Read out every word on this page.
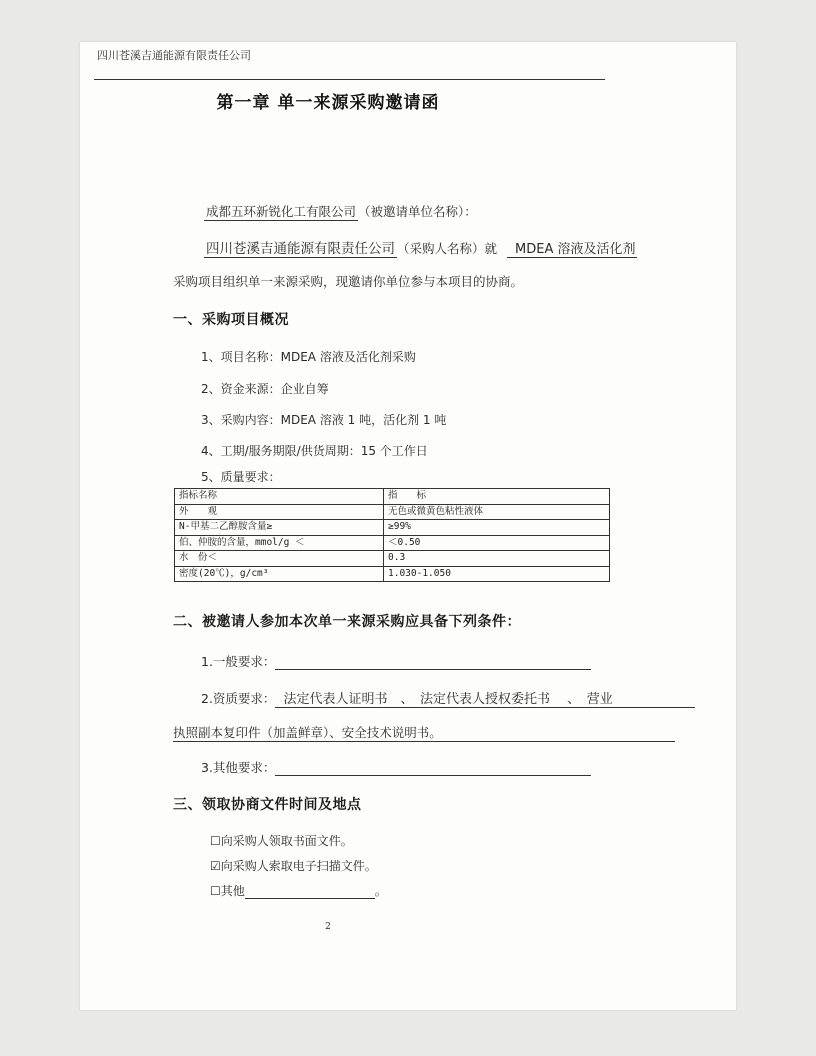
四川苍溪吉通能源有限责任公司
第一章 单一来源采购邀请函
成都五环新锐化工有限公司 （被邀请单位名称）：
四川苍溪吉通能源有限责任公司 （采购人名称）就 MDEA 溶液及活化剂
采购项目组织单一来源采购，现邀请你单位参与本项目的协商。
一、采购项目概况
1、项目名称：MDEA 溶液及活化剂采购
2、资金来源：企业自筹
3、采购内容：MDEA 溶液 1 吨，活化剂 1 吨
4、工期/服务期限/供货周期：15 个工作日
5、质量要求：
指标名称	指　　标
外　　观	无色或微黄色粘性液体
N-甲基二乙醇胺含量≥	≥99%
伯、仲胺的含量，mmol/g ＜	＜0.50
水　份＜	0.3
密度(20℃)，g/cm³	1.030-1.050
二、被邀请人参加本次单一来源采购应具备下列条件：
1.一般要求：
2.资质要求： 法定代表人证明书　 、　 法定代表人授权委托书　 、　 营业
执照副本复印件（加盖鲜章）、安全技术说明书。
3.其他要求：
三、领取协商文件时间及地点
☐向采购人领取书面文件。
☑向采购人索取电子扫描文件。
☐其他	。
2
